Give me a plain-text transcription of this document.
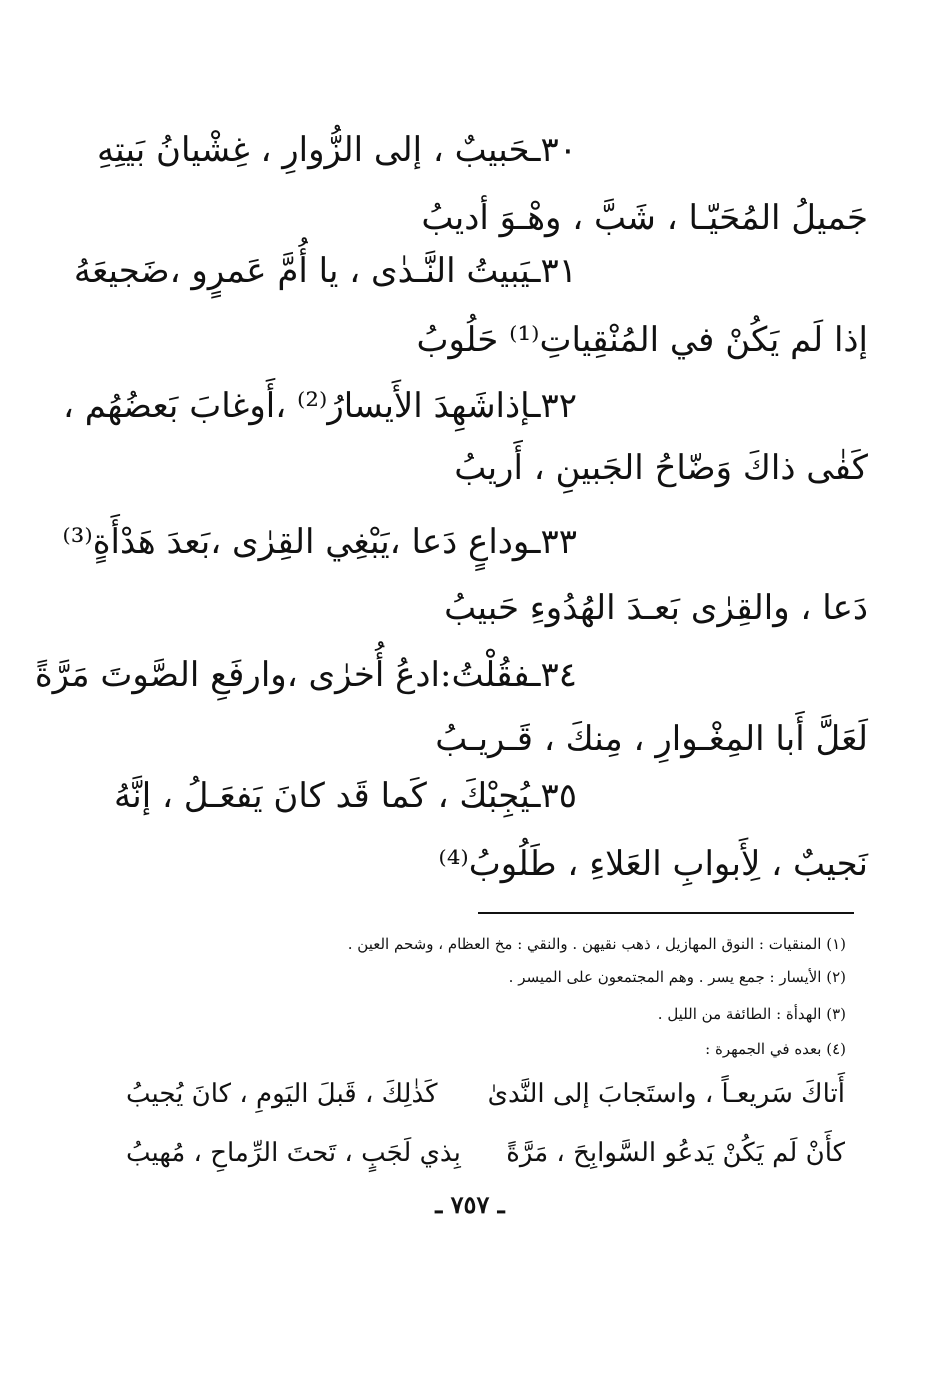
٣٠ـحَبيبٌ ، إلى الزُّوارِ ، غِشْيانُ بَيتِهِ
جَميلُ المُحَيّـا ، شَبَّ ، وهْـوَ أديبُ
٣١ـيَبيتُ النَّـدٰى ، يا أُمَّ عَمرٍو ،ضَجيعَهُ
إذا لَم يَكُنْ في المُنْقِياتِ⁽¹⁾ حَلُوبُ
٣٢ـإذاشَهِدَ الأَيسارُ⁽²⁾ ،أَوغابَ بَعضُهُم ،
كَفٰى ذاكَ وَضّاحُ الجَبينِ ، أَريبُ
٣٣ـوداعٍ دَعا ،يَبْغِي القِرٰى ،بَعدَ هَدْأَةٍ⁽³⁾
دَعا ، والقِرٰى بَعـدَ الهُدُوءِ حَبيبُ
٣٤ـفقُلْتُ:ادعُ أُخرٰى ،وارفَعِ الصَّوتَ مَرَّةً
لَعَلَّ أَبا المِغْـوارِ ، مِنكَ ، قَـريـبُ
٣٥ـيُجِبْكَ ، كَما قَد كانَ يَفعَـلُ ، إنَّهُ
نَجيبٌ ، لِأَبوابِ العَلاءِ ، طَلُوبُ⁽⁴⁾
(١) المنقيات : النوق المهازيل ، ذهب نقيهن . والنقي : مخ العظام ، وشحم العين .
(٢) الأيسار : جمع يسر . وهم المجتمعون على الميسر .
(٣) الهدأة : الطائفة من الليل .
(٤) بعده في الجمهرة :
أَتاكَ سَريعـاً ، واستَجابَ إلى النَّدىٰ
كَذٰلِكَ ، قَبلَ اليَومِ ، كانَ يُجيبُ
كأَنْ لَم يَكُنْ يَدعُو السَّوابِحَ ، مَرَّةً
بِذي لَجَبٍ ، تَحتَ الرِّماحِ ، مُهيبُ
ـ ٧٥٧ ـ
